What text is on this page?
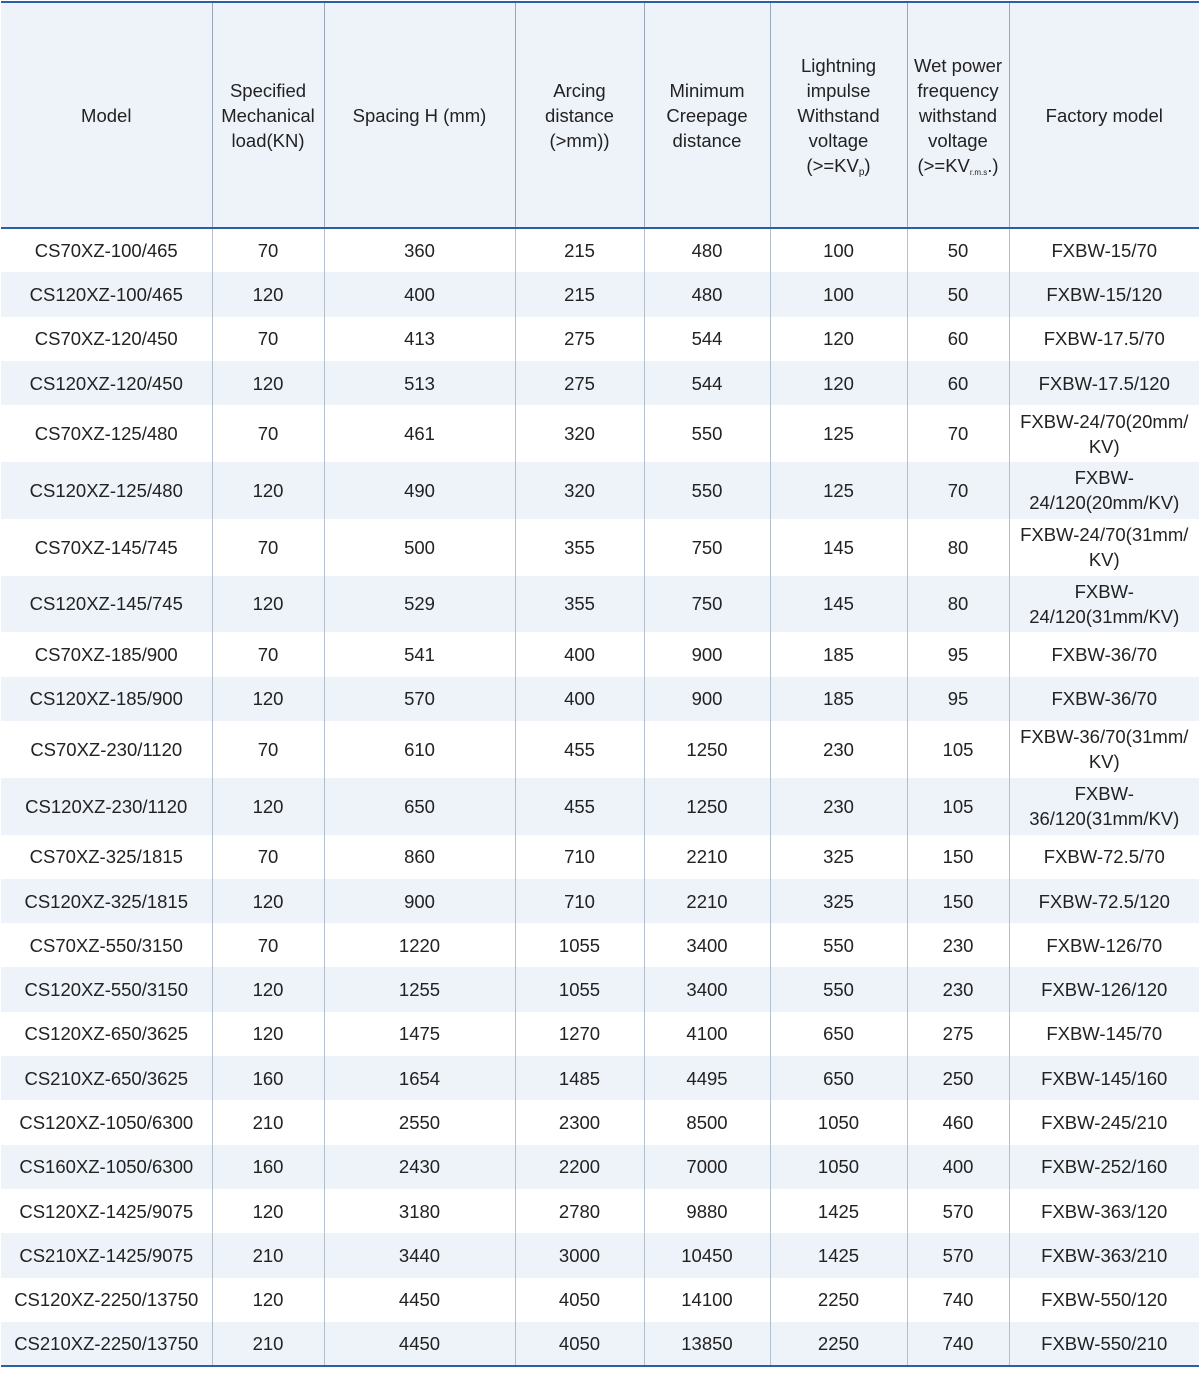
Model	Specified
Mechanical
load(KN)	Spacing H (mm)	Arcing
distance
(>mm))	Minimum
Creepage
distance	Lightning
impulse
Withstand
voltage
$(>=KV_p)$	Wet power
frequency
withstand
voltage
$(>=KV_{r.m.s}.)$	Factory model
CS70XZ-100/465	70	360	215	480	100	50	FXBW-15/70
CS120XZ-100/465	120	400	215	480	100	50	FXBW-15/120
CS70XZ-120/450	70	413	275	544	120	60	FXBW-17.5/70
CS120XZ-120/450	120	513	275	544	120	60	FXBW-17.5/120
CS70XZ-125/480	70	461	320	550	125	70	FXBW-24/70(20mm/
KV)
CS120XZ-125/480	120	490	320	550	125	70	FXBW-
24/120(20mm/KV)
CS70XZ-145/745	70	500	355	750	145	80	FXBW-24/70(31mm/
KV)
CS120XZ-145/745	120	529	355	750	145	80	FXBW-
24/120(31mm/KV)
CS70XZ-185/900	70	541	400	900	185	95	FXBW-36/70
CS120XZ-185/900	120	570	400	900	185	95	FXBW-36/70
CS70XZ-230/1120	70	610	455	1250	230	105	FXBW-36/70(31mm/
KV)
CS120XZ-230/1120	120	650	455	1250	230	105	FXBW-
36/120(31mm/KV)
CS70XZ-325/1815	70	860	710	2210	325	150	FXBW-72.5/70
CS120XZ-325/1815	120	900	710	2210	325	150	FXBW-72.5/120
CS70XZ-550/3150	70	1220	1055	3400	550	230	FXBW-126/70
CS120XZ-550/3150	120	1255	1055	3400	550	230	FXBW-126/120
CS120XZ-650/3625	120	1475	1270	4100	650	275	FXBW-145/70
CS210XZ-650/3625	160	1654	1485	4495	650	250	FXBW-145/160
CS120XZ-1050/6300	210	2550	2300	8500	1050	460	FXBW-245/210
CS160XZ-1050/6300	160	2430	2200	7000	1050	400	FXBW-252/160
CS120XZ-1425/9075	120	3180	2780	9880	1425	570	FXBW-363/120
CS210XZ-1425/9075	210	3440	3000	10450	1425	570	FXBW-363/210
CS120XZ-2250/13750	120	4450	4050	14100	2250	740	FXBW-550/120
CS210XZ-2250/13750	210	4450	4050	13850	2250	740	FXBW-550/210
